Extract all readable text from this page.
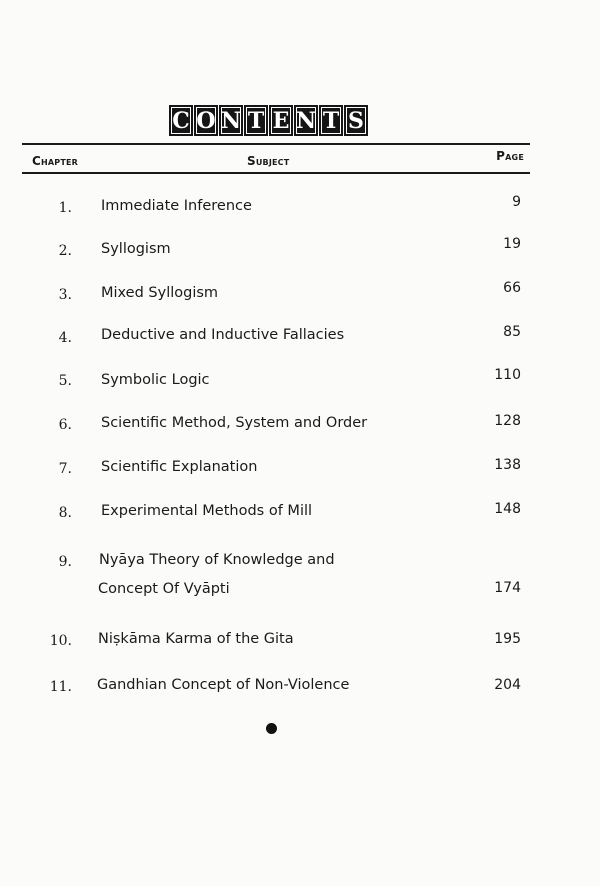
C O N T E N T S
Chapter	Subject	Page
1. Immediate Inference	9
2. Syllogism	19
3. Mixed Syllogism	66
4. Deductive and Inductive Fallacies	85
5. Symbolic Logic	110
6. Scientific Method, System and Order	128
7. Scientific Explanation	138
8. Experimental Methods of Mill	148
9. Nyāya Theory of Knowledge and
Concept Of Vyāpti	174
10. Niṣkāma Karma of the Gita	195
11. Gandhian Concept of Non-Violence	204
